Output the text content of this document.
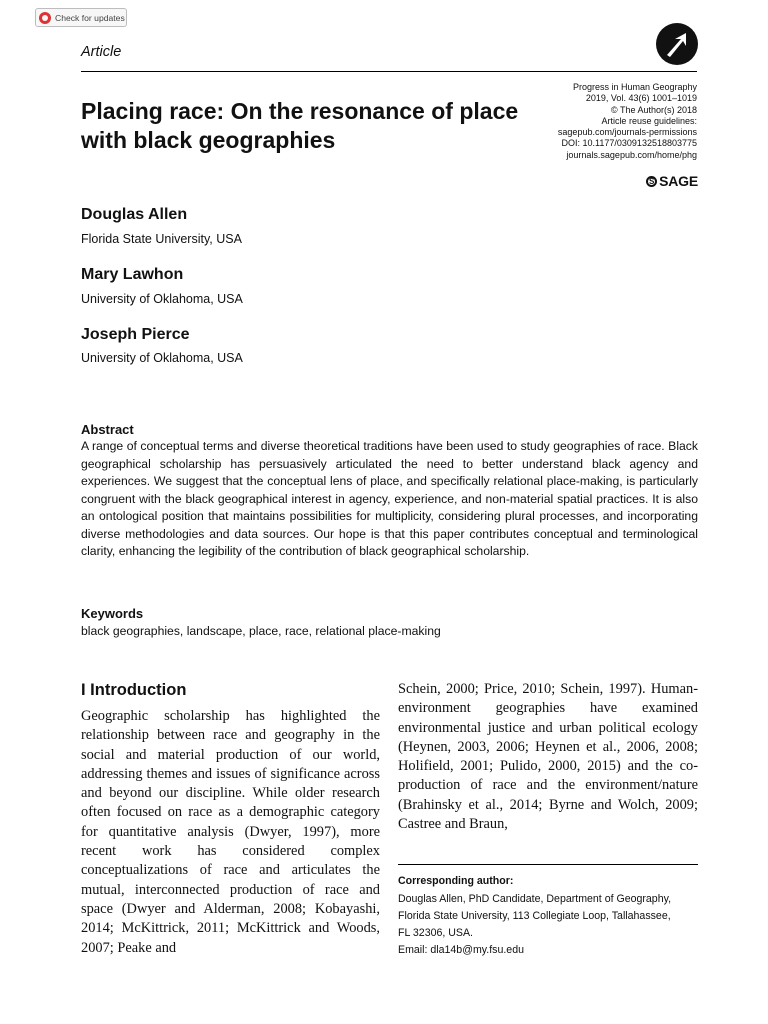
Check for updates
Article
Progress in Human Geography
2019, Vol. 43(6) 1001–1019
© The Author(s) 2018
Article reuse guidelines:
sagepub.com/journals-permissions
DOI: 10.1177/0309132518803775
journals.sagepub.com/home/phg
S SAGE
Placing race: On the resonance of place with black geographies
Douglas Allen
Florida State University, USA
Mary Lawhon
University of Oklahoma, USA
Joseph Pierce
University of Oklahoma, USA
Abstract

A range of conceptual terms and diverse theoretical traditions have been used to study geographies of race. Black geographical scholarship has persuasively articulated the need to better understand black agency and experiences. We suggest that the conceptual lens of place, and specifically relational place-making, is particularly congruent with the black geographical interest in agency, experience, and non-material spatial practices. It is also an ontological position that maintains possibilities for multiplicity, considering plural processes, and incorporating diverse methodologies and data sources. Our hope is that this paper contributes conceptual and terminological clarity, enhancing the legibility of the contribution of black geographical scholarship.

Keywords
black geographies, landscape, place, race, relational place-making
I Introduction

Geographic scholarship has highlighted the relationship between race and geography in the social and material production of our world, addressing themes and issues of significance across and beyond our discipline. While older research often focused on race as a demographic category for quantitative analysis (Dwyer, 1997), more recent work has considered complex conceptualizations of race and articulates the mutual, interconnected production of race and space (Dwyer and Alderman, 2008; Kobayashi, 2014; McKittrick, 2011; McKittrick and Woods, 2007; Peake and

Schein, 2000; Price, 2010; Schein, 1997). Human-environment geographies have examined environmental justice and urban political ecology (Heynen, 2003, 2006; Heynen et al., 2006, 2008; Holifield, 2001; Pulido, 2000, 2015) and the co-production of race and the environment/nature (Brahinsky et al., 2014; Byrne and Wolch, 2009; Castree and Braun,

Corresponding author:
Douglas Allen, PhD Candidate, Department of Geography,
Florida State University, 113 Collegiate Loop, Tallahassee,
FL 32306, USA.
Email: dla14b@my.fsu.edu
